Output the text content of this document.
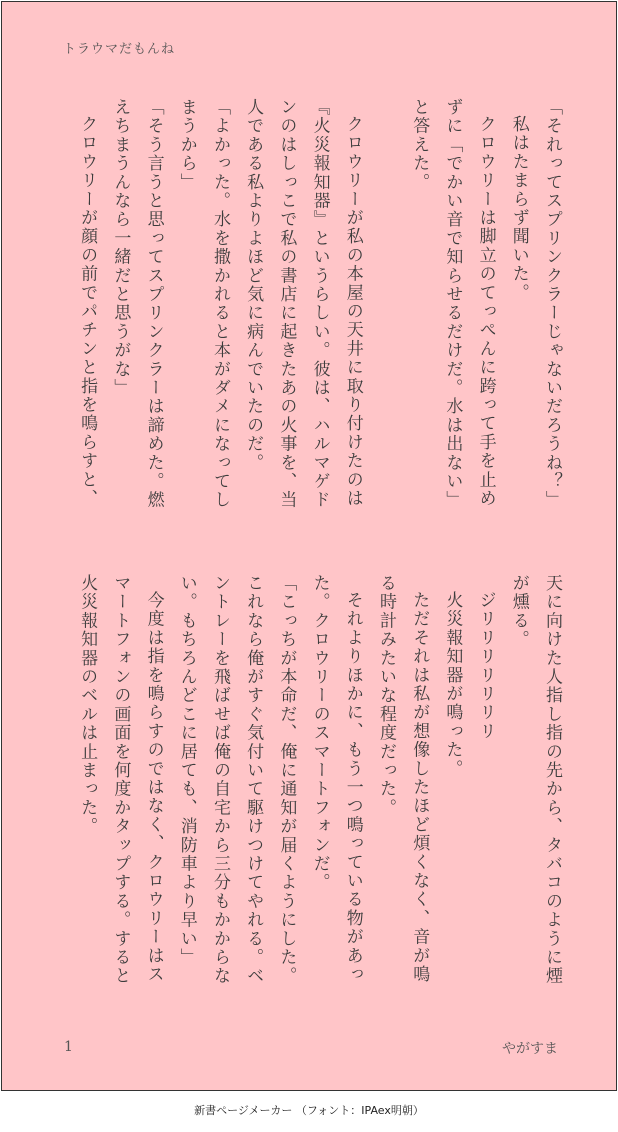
トラウマだもんね

「それってスプリンクラーじゃないだろうね？」

私はたまらず聞いた。

クロウリーは脚立のてっぺんに跨って手を止め

ずに「でかい音で知らせるだけだ。水は出ない」

と答えた。

クロウリーが私の本屋の天井に取り付けたのは

『火災報知器』というらしい。彼は、ハルマゲド

ンのはしっこで私の書店に起きたあの火事を、当

人である私よりよほど気に病んでいたのだ。

「よかった。水を撒かれると本がダメになってし

まうから」

「そう言うと思ってスプリンクラーは諦めた。燃

えちまうんなら一緒だと思うがな」

クロウリーが顔の前でパチンと指を鳴らすと、

天に向けた人指し指の先から、タバコのように煙

が燻る。

ジリリリリリリリ

火災報知器が鳴った。

ただそれは私が想像したほど煩くなく、音が鳴

る時計みたいな程度だった。

それよりほかに、もう一つ鳴っている物があっ

た。クロウリーのスマートフォンだ。

「こっちが本命だ、俺に通知が届くようにした。

これなら俺がすぐ気付いて駆けつけてやれる。ベ

ントレーを飛ばせば俺の自宅から三分もかからな

い。もちろんどこに居ても、消防車より早い」

今度は指を鳴らすのではなく、クロウリーはス

マートフォンの画面を何度かタップする。すると

火災報知器のベルは止まった。

1	やがすま
新書ページメーカー （フォント：IPAex明朝）
